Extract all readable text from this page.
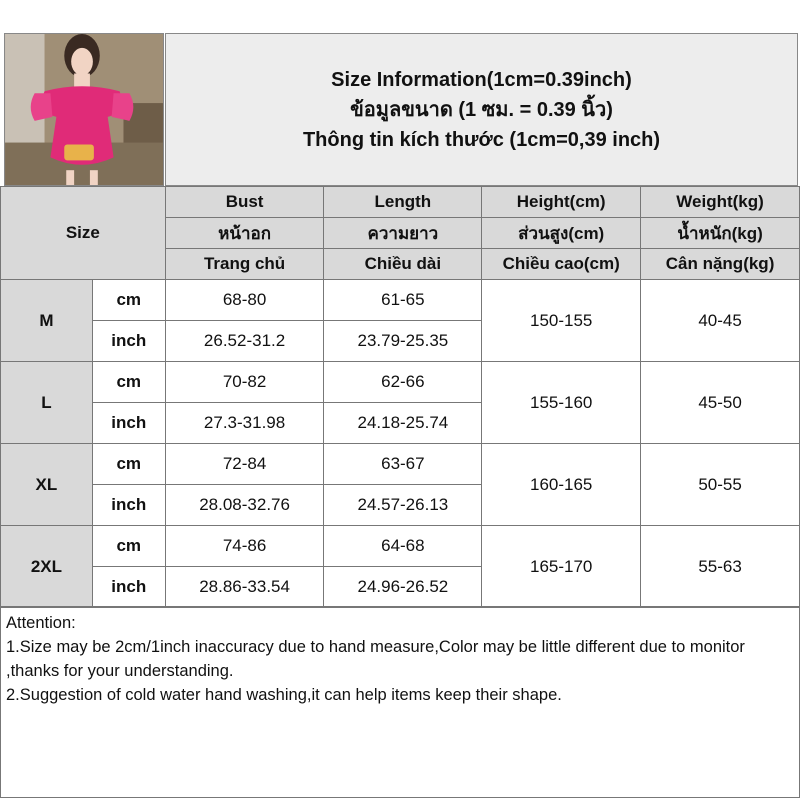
Size Information(1cm=0.39inch)
ข้อมูลขนาด (1 ซม. = 0.39 นิ้ว)
Thông tin kích thước (1cm=0,39 inch)
Size		Bust	Length	Height(cm)	Weight(kg)
		หน้าอก	ความยาว	ส่วนสูง(cm)	น้ำหนัก(kg)
		Trang chủ	Chiều dài	Chiều cao(cm)	Cân nặng(kg)
M	cm	68-80	61-65	150-155	40-45
	inch	26.52-31.2	23.79-25.35		
L	cm	70-82	62-66	155-160	45-50
	inch	27.3-31.98	24.18-25.74		
XL	cm	72-84	63-67	160-165	50-55
	inch	28.08-32.76	24.57-26.13		
2XL	cm	74-86	64-68	165-170	55-63
	inch	28.86-33.54	24.96-26.52		
Attention:
1.Size may be 2cm/1inch inaccuracy due to hand measure,Color may be little different due to monitor ,thanks for your understanding.
2.Suggestion of cold water hand washing,it can help items keep their shape.
